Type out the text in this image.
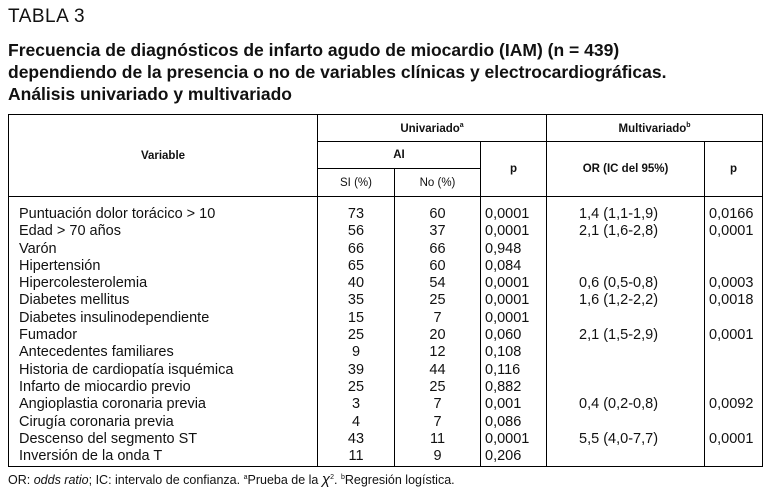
TABLA 3
Frecuencia de diagnósticos de infarto agudo de miocardio (IAM) (n = 439)
dependiendo de la presencia o no de variables clínicas y electrocardiográficas.
Análisis univariado y multivariado
Variable	Univariado$^a$			Multivariado$^b$
	AI		p	OR (IC del 95%)	p
	SI (%)	No (%)			
Puntuación dolor torácico > 10	73	60	0,0001	1,4 (1,1-1,9)	0,0166
Edad > 70 años	56	37	0,0001	2,1 (1,6-2,8)	0,0001
Varón	66	66	0,948		
Hipertensión	65	60	0,084		
Hipercolesterolemia	40	54	0,0001	0,6 (0,5-0,8)	0,0003
Diabetes mellitus	35	25	0,0001	1,6 (1,2-2,2)	0,0018
Diabetes insulinodependiente	15	7	0,0001		
Fumador	25	20	0,060	2,1 (1,5-2,9)	0,0001
Antecedentes familiares	9	12	0,108		
Historia de cardiopatía isquémica	39	44	0,116		
Infarto de miocardio previo	25	25	0,882		
Angioplastia coronaria previa	3	7	0,001	0,4 (0,2-0,8)	0,0092
Cirugía coronaria previa	4	7	0,086		
Descenso del segmento ST	43	11	0,0001	5,5 (4,0-7,7)	0,0001
Inversión de la onda T	11	9	0,206		
OR: odds ratio; IC: intervalo de confianza. $^a$Prueba de la $\chi^2$. $^b$Regresión logística.
